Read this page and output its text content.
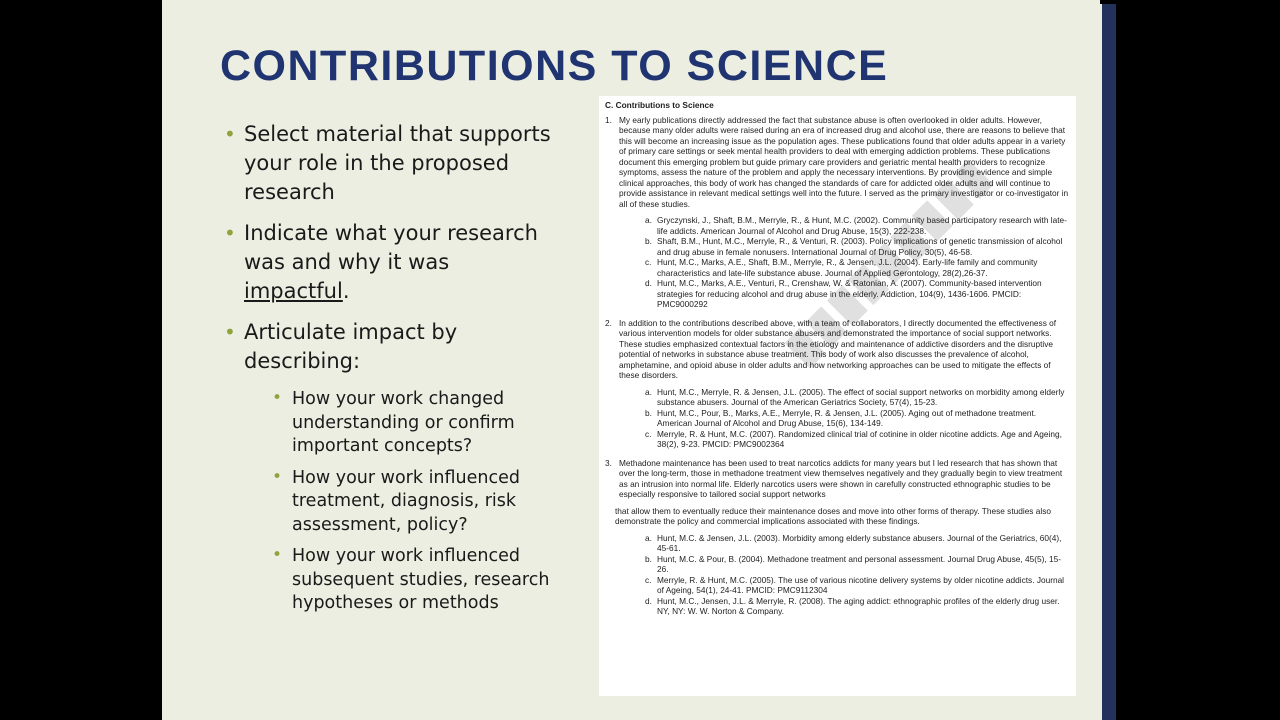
CONTRIBUTIONS TO SCIENCE
• Select material that supports your role in the proposed research
• Indicate what your research was and why it was impactful.
• Articulate impact by describing:
• How your work changed understanding or confirm important concepts?
• How your work influenced treatment, diagnosis, risk assessment, policy?
• How your work influenced subsequent studies, research hypotheses or methods
C. Contributions to Science
1. My early publications directly addressed the fact that substance abuse is often overlooked in older adults. However, because many older adults were raised during an era of increased drug and alcohol use, there are reasons to believe that this will become an increasing issue as the population ages. These publications found that older adults appear in a variety of primary care settings or seek mental health providers to deal with emerging addiction problems. These publications document this emerging problem but guide primary care providers and geriatric mental health providers to recognize symptoms, assess the nature of the problem and apply the necessary interventions. By providing evidence and simple clinical approaches, this body of work has changed the standards of care for addicted older adults and will continue to provide assistance in relevant medical settings well into the future. I served as the primary investigator or co-investigator in all of these studies.
a. Gryczynski, J., Shaft, B.M., Merryle, R., & Hunt, M.C. (2002). Community based participatory research with late-life addicts. American Journal of Alcohol and Drug Abuse, 15(3), 222-238.
b. Shaft, B.M., Hunt, M.C., Merryle, R., & Venturi, R. (2003). Policy implications of genetic transmission of alcohol and drug abuse in female nonusers. International Journal of Drug Policy, 30(5), 46-58.
c. Hunt, M.C., Marks, A.E., Shaft, B.M., Merryle, R., & Jensen, J.L. (2004). Early-life family and community characteristics and late-life substance abuse. Journal of Applied Gerontology, 28(2),26-37.
d. Hunt, M.C., Marks, A.E., Venturi, R., Crenshaw, W. & Ratonian, A. (2007). Community-based intervention strategies for reducing alcohol and drug abuse in the elderly. Addiction, 104(9), 1436-1606. PMCID: PMC9000292
2. In addition to the contributions described above, with a team of collaborators, I directly documented the effectiveness of various intervention models for older substance abusers and demonstrated the importance of social support networks. These studies emphasized contextual factors in the etiology and maintenance of addictive disorders and the disruptive potential of networks in substance abuse treatment. This body of work also discusses the prevalence of alcohol, amphetamine, and opioid abuse in older adults and how networking approaches can be used to mitigate the effects of these disorders.
a. Hunt, M.C., Merryle, R. & Jensen, J.L. (2005). The effect of social support networks on morbidity among elderly substance abusers. Journal of the American Geriatrics Society, 57(4), 15-23.
b. Hunt, M.C., Pour, B., Marks, A.E., Merryle, R. & Jensen, J.L. (2005). Aging out of methadone treatment. American Journal of Alcohol and Drug Abuse, 15(6), 134-149.
c. Merryle, R. & Hunt, M.C. (2007). Randomized clinical trial of cotinine in older nicotine addicts. Age and Ageing, 38(2), 9-23. PMCID: PMC9002364
3. Methadone maintenance has been used to treat narcotics addicts for many years but I led research that has shown that over the long-term, those in methadone treatment view themselves negatively and they gradually begin to view treatment as an intrusion into normal life. Elderly narcotics users were shown in carefully constructed ethnographic studies to be especially responsive to tailored social support networks
that allow them to eventually reduce their maintenance doses and move into other forms of therapy. These studies also demonstrate the policy and commercial implications associated with these findings.
a. Hunt, M.C. & Jensen, J.L. (2003). Morbidity among elderly substance abusers. Journal of the Geriatrics, 60(4), 45-61.
b. Hunt, M.C. & Pour, B. (2004). Methadone treatment and personal assessment. Journal Drug Abuse, 45(5), 15-26.
c. Merryle, R. & Hunt, M.C. (2005). The use of various nicotine delivery systems by older nicotine addicts. Journal of Ageing, 54(1), 24-41. PMCID: PMC9112304
d. Hunt, M.C., Jensen, J.L. & Merryle, R. (2008). The aging addict: ethnographic profiles of the elderly drug user. NY, NY: W. W. Norton & Company.
